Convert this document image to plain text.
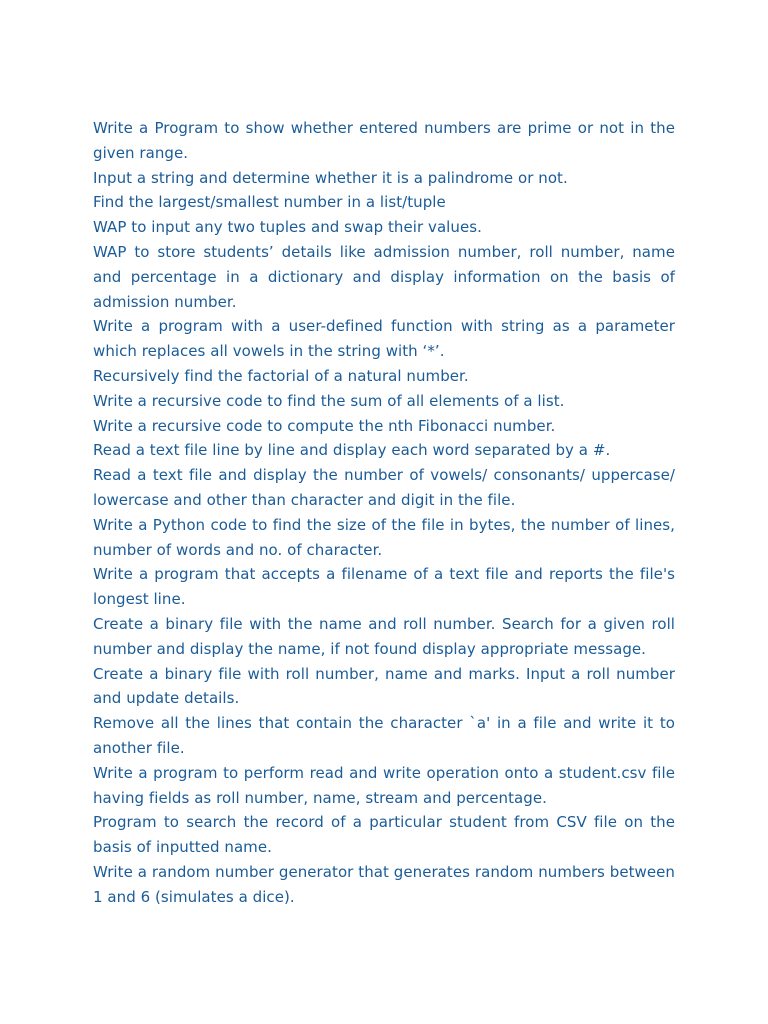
Write a Program to show whether entered numbers are prime or not in the given range.

Input a string and determine whether it is a palindrome or not.

Find the largest/smallest number in a list/tuple

WAP to input any two tuples and swap their values.

WAP to store students’ details like admission number, roll number, name and percentage in a dictionary and display information on the basis of admission number.

Write a program with a user-defined function with string as a parameter which replaces all vowels in the string with ‘*’.

Recursively find the factorial of a natural number.

Write a recursive code to find the sum of all elements of a list.

Write a recursive code to compute the nth Fibonacci number.

Read a text file line by line and display each word separated by a #.

Read a text file and display the number of vowels/ consonants/ uppercase/ lowercase and other than character and digit in the file.

Write a Python code to find the size of the file in bytes, the number of lines, number of words and no. of character.

Write a program that accepts a filename of a text file and reports the file's longest line.

Create a binary file with the name and roll number. Search for a given roll number and display the name, if not found display appropriate message.

Create a binary file with roll number, name and marks. Input a roll number and update details.

Remove all the lines that contain the character `a' in a file and write it to another file.

Write a program to perform read and write operation onto a student.csv file having fields as roll number, name, stream and percentage.

Program to search the record of a particular student from CSV file on the basis of inputted name.

Write a random number generator that generates random numbers between 1 and 6 (simulates a dice).
